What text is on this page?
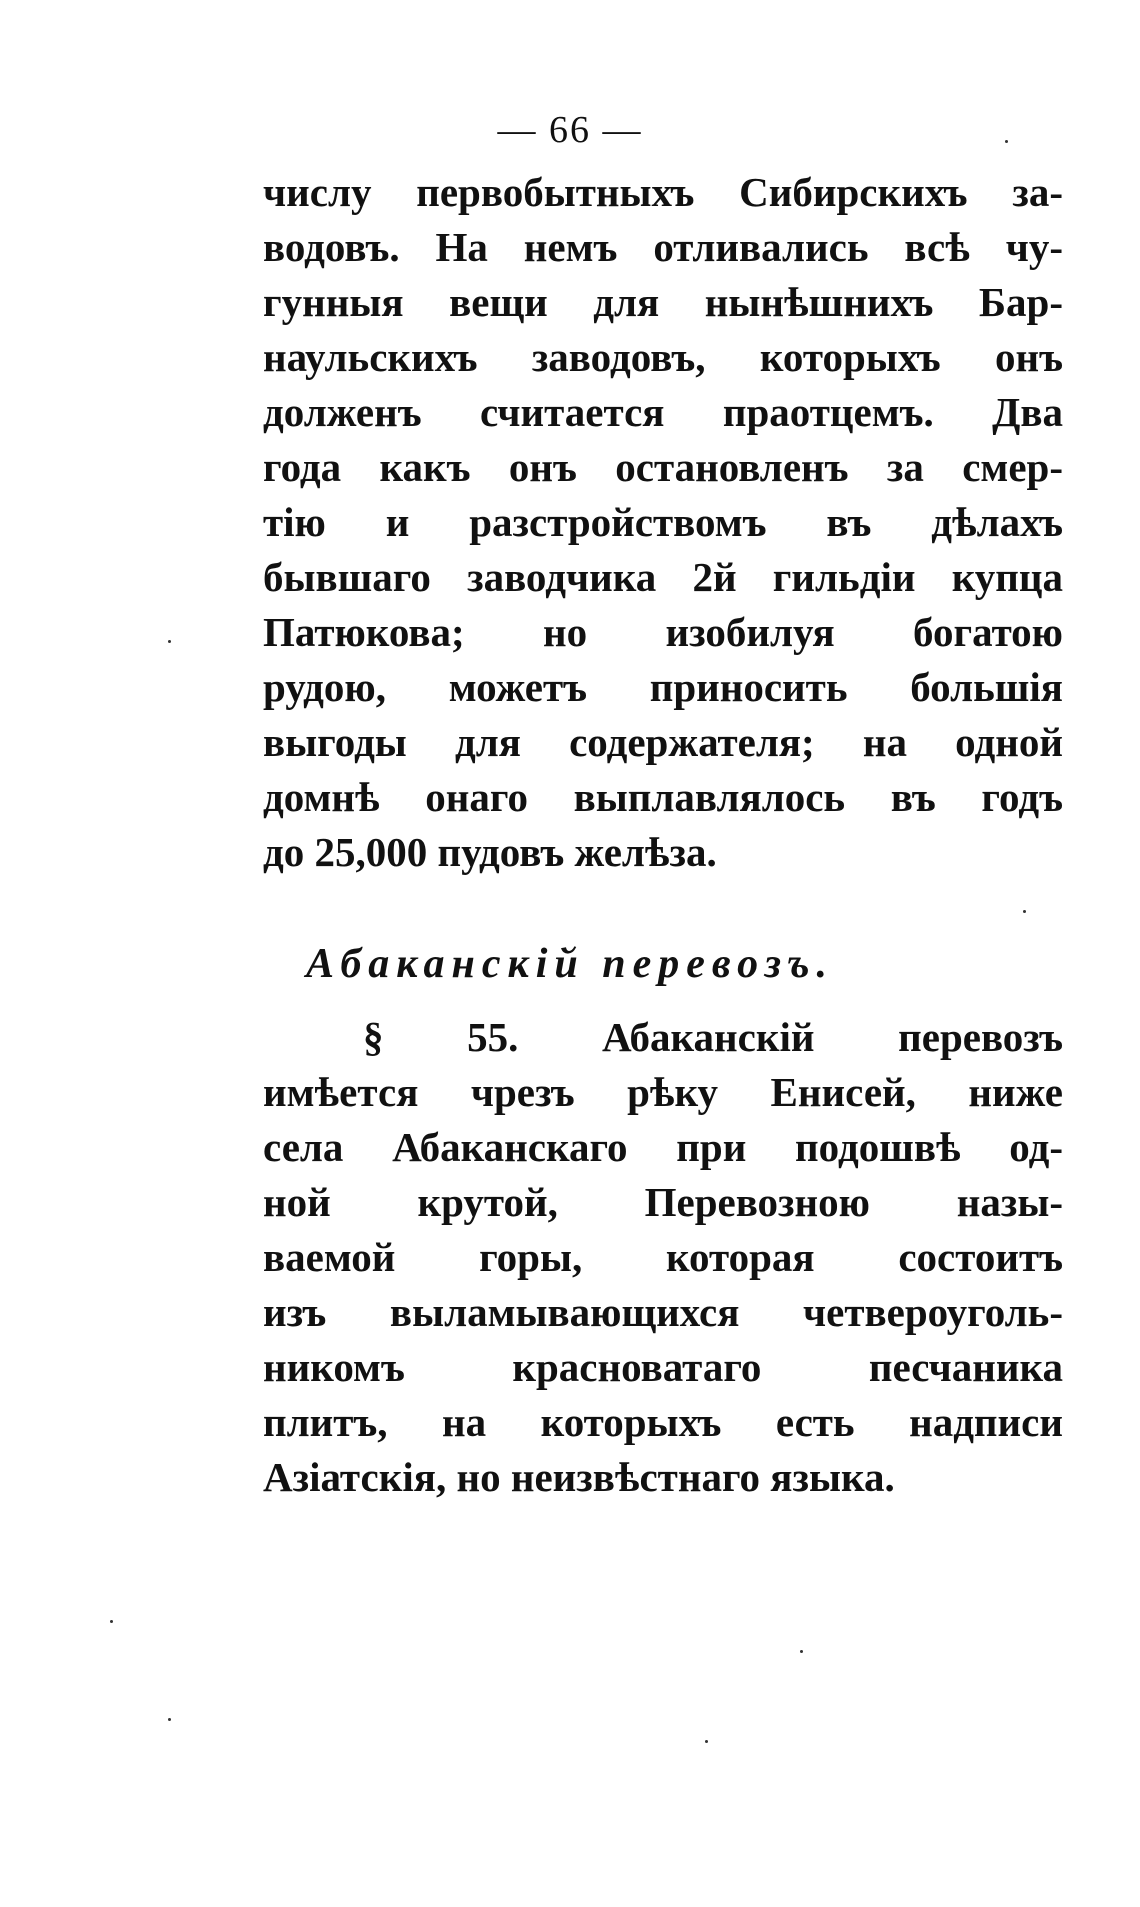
— 66 —
числу первобытныхъ Сибирскихъ за-
водовъ. На немъ отливались всѣ чу-
гунныя вещи для нынѣшнихъ Бар-
наульскихъ заводовъ, которыхъ онъ
долженъ считается праотцемъ. Два
года какъ онъ остановленъ за смер-
тію и разстройствомъ въ дѣлахъ
бывшаго заводчика 2й гильдіи купца
Патюкова; но изобилуя богатою
рудою, можетъ приносить большія
выгоды для содержателя; на одной
домнѣ онаго выплавлялось въ годъ
до 25,000 пудовъ желѣза.
Абаканскій перевозъ.
§ 55. Абаканскій перевозъ
имѣется чрезъ рѣку Енисей, ниже
села Абаканскаго при подошвѣ од-
ной крутой, Перевозною назы-
ваемой горы, которая состоитъ
изъ выламывающихся четвероуголь-
никомъ красноватаго песчаника
плитъ, на которыхъ есть надписи
Азіатскія, но неизвѣстнаго языка.
